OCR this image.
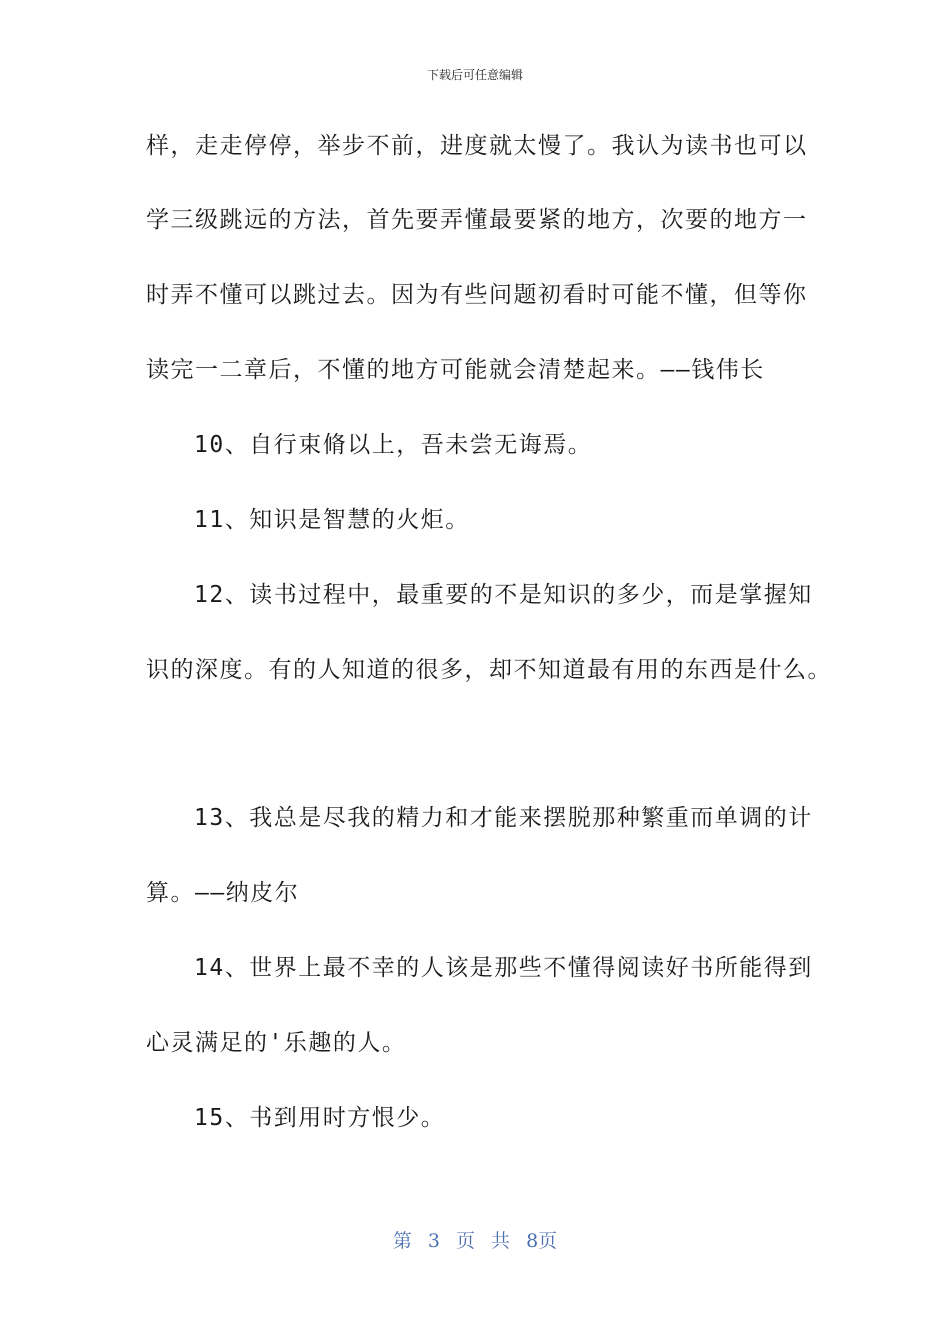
下载后可任意编辑
样，走走停停，举步不前，进度就太慢了。我认为读书也可以
学三级跳远的方法，首先要弄懂最要紧的地方，次要的地方一
时弄不懂可以跳过去。因为有些问题初看时可能不懂，但等你
读完一二章后，不懂的地方可能就会清楚起来。——钱伟长
10、自行束脩以上，吾未尝无诲焉。
11、知识是智慧的火炬。
12、读书过程中，最重要的不是知识的多少，而是掌握知
识的深度。有的人知道的很多，却不知道最有用的东西是什么。
13、我总是尽我的精力和才能来摆脱那种繁重而单调的计
算。——纳皮尔
14、世界上最不幸的人该是那些不懂得阅读好书所能得到
心灵满足的'乐趣的人。
15、书到用时方恨少。
第 3 页 共 8页
